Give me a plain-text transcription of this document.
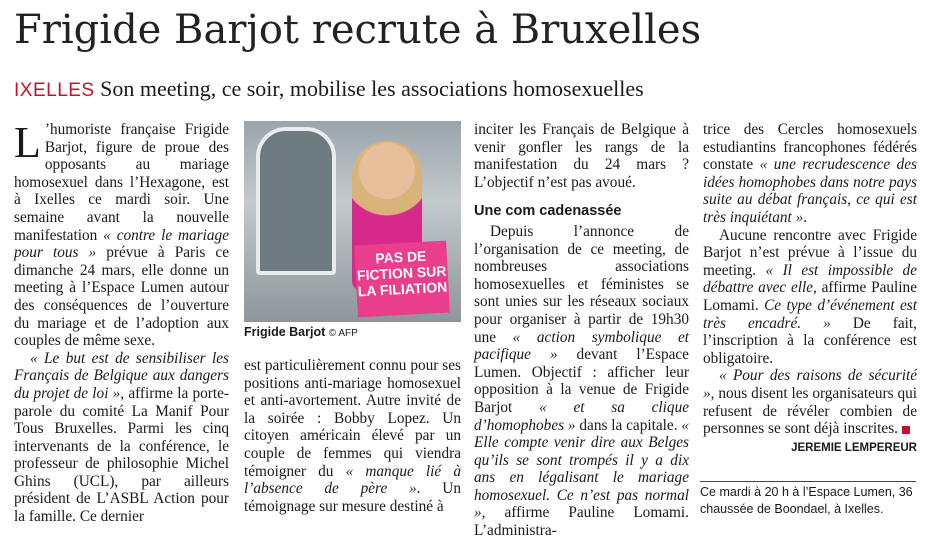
Frigide Barjot recrute à Bruxelles
IXELLES Son meeting, ce soir, mobilise les associations homosexuelles

L ’humoriste française Frigide Barjot, figure de proue des opposants au mariage homosexuel dans l’Hexagone, est à Ixelles ce mardi soir. Une semaine avant la nouvelle manifestation « contre le mariage pour tous » prévue à Paris ce dimanche 24 mars, elle donne un meeting à l’Espace Lumen autour des conséquences de l’ouverture du mariage et de l’adoption aux couples de même sexe.

« Le but est de sensibiliser les Français de Belgique aux dangers du projet de loi », affirme la porte-parole du comité La Manif Pour Tous Bruxelles. Parmi les cinq intervenants de la conférence, le professeur de philosophie Michel Ghins (UCL), par ailleurs président de L’ASBL Action pour la famille. Ce dernier

PAS DE FICTION SUR LA FILIATION
Frigide Barjot © AFP

est particulièrement connu pour ses positions anti-mariage homosexuel et anti-avortement. Autre invité de la soirée : Bobby Lopez. Un citoyen américain élevé par un couple de femmes qui viendra témoigner du « manque lié à l’absence de père ». Un témoignage sur mesure destiné à

inciter les Français de Belgique à venir gonfler les rangs de la manifestation du 24 mars ? L’objectif n’est pas avoué.

Une com cadenassée

Depuis l’annonce de l’organisation de ce meeting, de nombreuses associations homosexuelles et féministes se sont unies sur les réseaux sociaux pour organiser à partir de 19h30 une « action symbolique et pacifique » devant l’Espace Lumen. Objectif : afficher leur opposition à la venue de Frigide Barjot « et sa clique d’homophobes » dans la capitale. « Elle compte venir dire aux Belges qu’ils se sont trompés il y a dix ans en légalisant le mariage homosexuel. Ce n’est pas normal », affirme Pauline Lomami. L’administra-

trice des Cercles homosexuels estudiantins francophones fédérés constate « une recrudescence des idées homophobes dans notre pays suite au débat français, ce qui est très inquiétant ».

Aucune rencontre avec Frigide Barjot n’est prévue à l’issue du meeting. « Il est impossible de débattre avec elle, affirme Pauline Lomami. Ce type d’événement est très encadré. » De fait, l’inscription à la conférence est obligatoire.

« Pour des raisons de sécurité », nous disent les organisateurs qui refusent de révéler combien de personnes se sont déjà inscrites.

JEREMIE LEMPEREUR
Ce mardi à 20 h à l’Espace Lumen, 36 chaussée de Boondael, à Ixelles.
